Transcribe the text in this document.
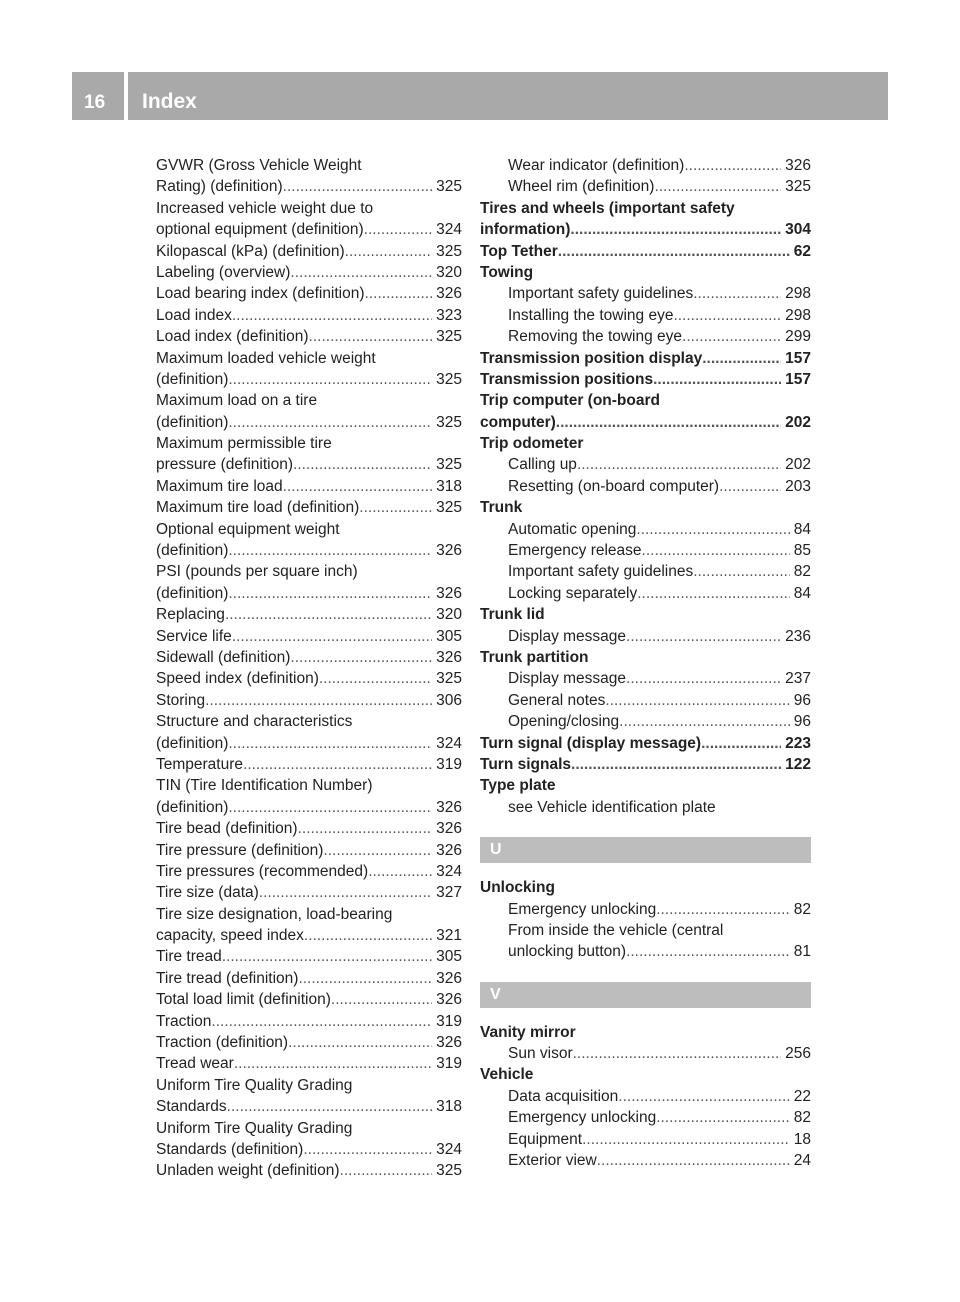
16 Index
GVWR (Gross Vehicle Weight
Rating) (definition) .....	325
Increased vehicle weight due to
optional equipment (definition) .....	324
Kilopascal (kPa) (definition) .....	325
Labeling (overview) .....	320
Load bearing index (definition) .....	326
Load index .....	323
Load index (definition) .....	325
Maximum loaded vehicle weight
(definition) .....	325
Maximum load on a tire
(definition) .....	325
Maximum permissible tire
pressure (definition) .....	325
Maximum tire load .....	318
Maximum tire load (definition) .....	325
Optional equipment weight
(definition) .....	326
PSI (pounds per square inch)
(definition) .....	326
Replacing .....	320
Service life .....	305
Sidewall (definition) .....	326
Speed index (definition) .....	325
Storing .....	306
Structure and characteristics
(definition) .....	324
Temperature .....	319
TIN (Tire Identification Number)
(definition) .....	326
Tire bead (definition) .....	326
Tire pressure (definition) .....	326
Tire pressures (recommended) .....	324
Tire size (data) .....	327
Tire size designation, load-bearing
capacity, speed index .....	321
Tire tread .....	305
Tire tread (definition) .....	326
Total load limit (definition) .....	326
Traction .....	319
Traction (definition) .....	326
Tread wear .....	319
Uniform Tire Quality Grading
Standards .....	318
Uniform Tire Quality Grading
Standards (definition) .....	324
Unladen weight (definition) .....	325
Wear indicator (definition) .....	326
Wheel rim (definition) .....	325
Tires and wheels (important safety
information) .....	304
Top Tether .....	62
Towing
Important safety guidelines .....	298
Installing the towing eye .....	298
Removing the towing eye .....	299
Transmission position display .....	157
Transmission positions .....	157
Trip computer (on-board
computer) .....	202
Trip odometer
Calling up .....	202
Resetting (on-board computer) .....	203
Trunk
Automatic opening .....	84
Emergency release .....	85
Important safety guidelines .....	82
Locking separately .....	84
Trunk lid
Display message .....	236
Trunk partition
Display message .....	237
General notes .....	96
Opening/closing .....	96
Turn signal (display message) .....	223
Turn signals .....	122
Type plate
see Vehicle identification plate
U
Unlocking
Emergency unlocking .....	82
From inside the vehicle (central
unlocking button) .....	81
V
Vanity mirror
Sun visor .....	256
Vehicle
Data acquisition .....	22
Emergency unlocking .....	82
Equipment .....	18
Exterior view .....	24
